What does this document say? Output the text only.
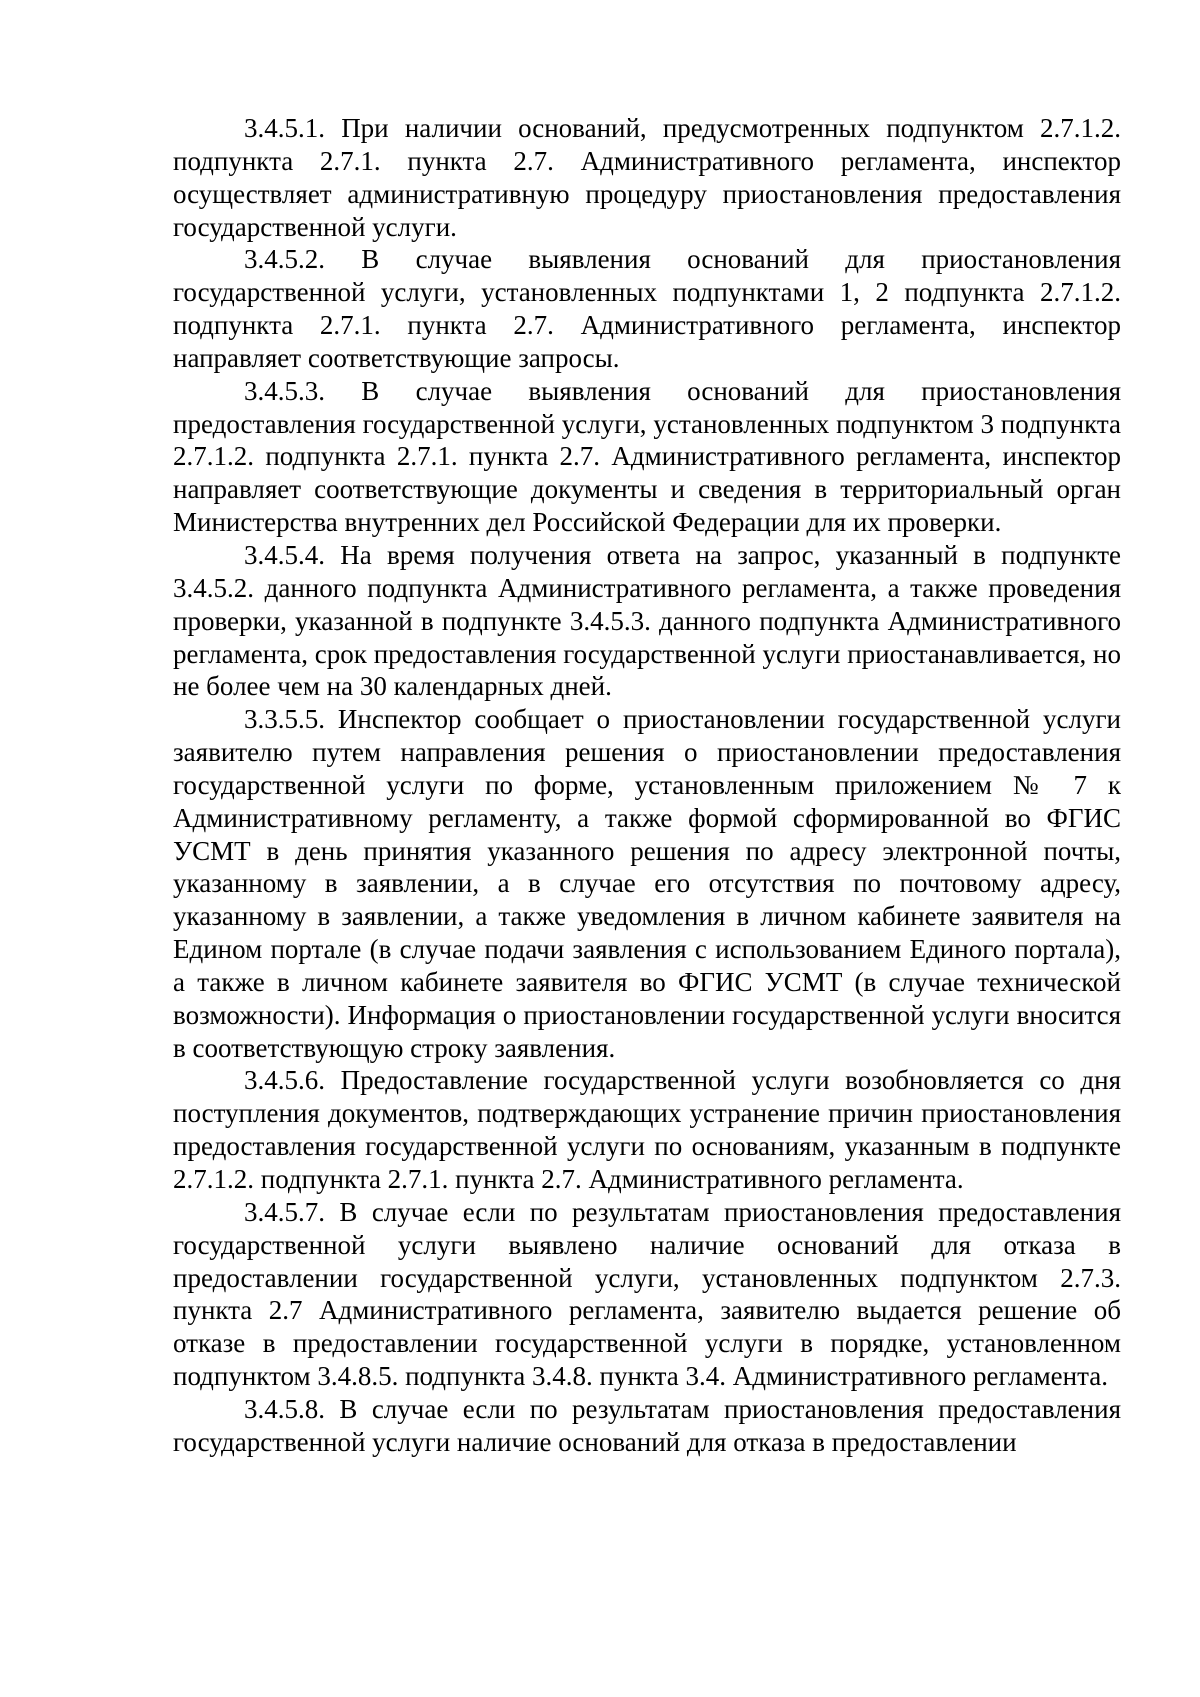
3.4.5.1. При наличии оснований, предусмотренных подпунктом 2.7.1.2. подпункта 2.7.1. пункта 2.7. Административного регламента, инспектор осуществляет административную процедуру приостановления предоставления государственной услуги.

3.4.5.2. В случае выявления оснований для приостановления государственной услуги, установленных подпунктами 1, 2 подпункта 2.7.1.2. подпункта 2.7.1. пункта 2.7. Административного регламента, инспектор направляет соответствующие запросы.

3.4.5.3. В случае выявления оснований для приостановления предоставления государственной услуги, установленных подпунктом 3 подпункта 2.7.1.2. подпункта 2.7.1. пункта 2.7. Административного регламента, инспектор направляет соответствующие документы и сведения в территориальный орган Министерства внутренних дел Российской Федерации для их проверки.

3.4.5.4. На время получения ответа на запрос, указанный в подпункте 3.4.5.2. данного подпункта Административного регламента, а также проведения проверки, указанной в подпункте 3.4.5.3. данного подпункта Административного регламента, срок предоставления государственной услуги приостанавливается, но не более чем на 30 календарных дней.

3.3.5.5. Инспектор сообщает о приостановлении государственной услуги заявителю путем направления решения о приостановлении предоставления государственной услуги по форме, установленным приложением № 7 к Административному регламенту, а также формой сформированной во ФГИС УСМТ в день принятия указанного решения по адресу электронной почты, указанному в заявлении, а в случае его отсутствия по почтовому адресу, указанному в заявлении, а также уведомления в личном кабинете заявителя на Едином портале (в случае подачи заявления с использованием Единого портала), а также в личном кабинете заявителя во ФГИС УСМТ (в случае технической возможности). Информация о приостановлении государственной услуги вносится в соответствующую строку заявления.

3.4.5.6. Предоставление государственной услуги возобновляется со дня поступления документов, подтверждающих устранение причин приостановления предоставления государственной услуги по основаниям, указанным в подпункте 2.7.1.2. подпункта 2.7.1. пункта 2.7. Административного регламента.

3.4.5.7. В случае если по результатам приостановления предоставления государственной услуги выявлено наличие оснований для отказа в предоставлении государственной услуги, установленных подпунктом 2.7.3. пункта 2.7 Административного регламента, заявителю выдается решение об отказе в предоставлении государственной услуги в порядке, установленном подпунктом 3.4.8.5. подпункта 3.4.8. пункта 3.4. Административного регламента.

3.4.5.8. В случае если по результатам приостановления предоставления государственной услуги наличие оснований для отказа в предоставлении
